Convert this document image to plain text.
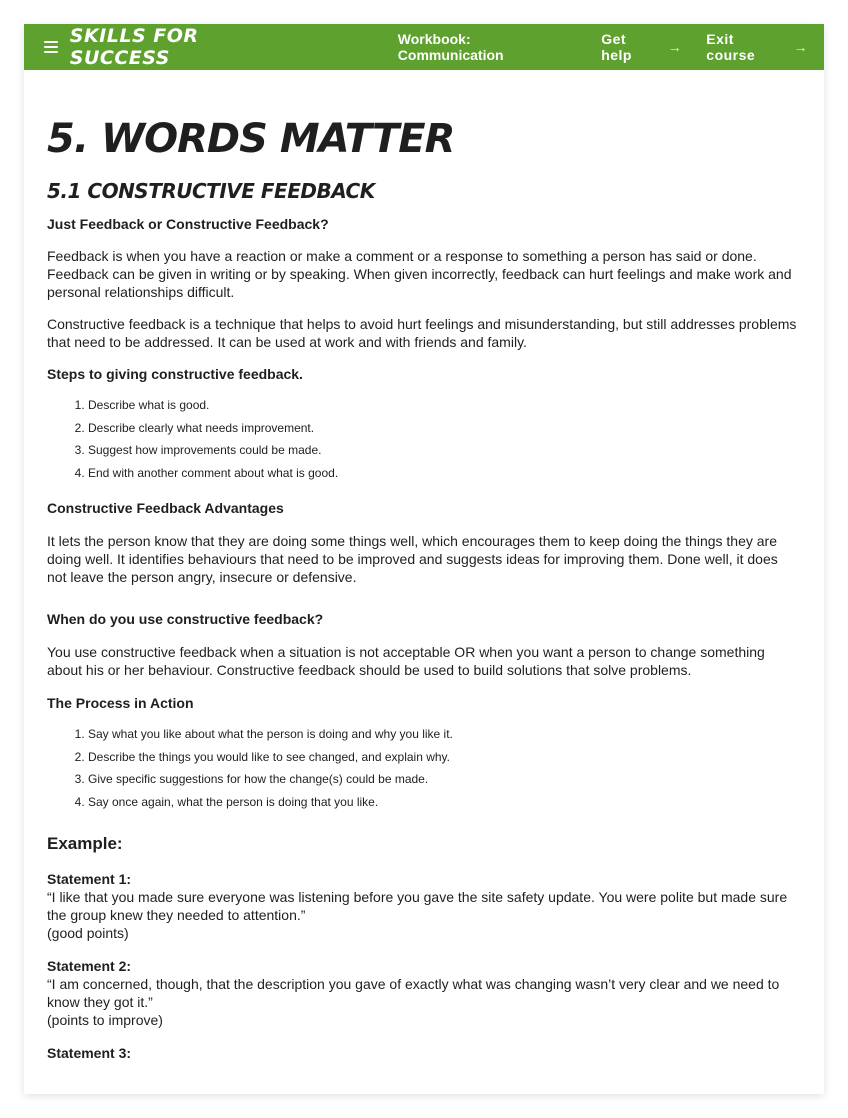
SKILLS FOR SUCCESS
Workbook: Communication
Get help	→ Exit course	→
5. WORDS MATTER
5.1 CONSTRUCTIVE FEEDBACK
Just Feedback or Constructive Feedback?

Feedback is when you have a reaction or make a comment or a response to something a person has said or done. Feedback can be given in writing or by speaking. When given incorrectly, feedback can hurt feelings and make work and personal relationships difficult.

Constructive feedback is a technique that helps to avoid hurt feelings and misunderstanding, but still addresses problems that need to be addressed. It can be used at work and with friends and family.

Steps to giving constructive feedback.
1. Describe what is good.
2. Describe clearly what needs improvement.
3. Suggest how improvements could be made.
4. End with another comment about what is good.
Constructive Feedback Advantages

It lets the person know that they are doing some things well, which encourages them to keep doing the things they are doing well. It identifies behaviours that need to be improved and suggests ideas for improving them. Done well, it does not leave the person angry, insecure or defensive.

When do you use constructive feedback?

You use constructive feedback when a situation is not acceptable OR when you want a person to change something about his or her behaviour. Constructive feedback should be used to build solutions that solve problems.

The Process in Action
1. Say what you like about what the person is doing and why you like it.
2. Describe the things you would like to see changed, and explain why.
3. Give specific suggestions for how the change(s) could be made.
4. Say once again, what the person is doing that you like.
Example:
Statement 1:
“I like that you made sure everyone was listening before you gave the site safety update. You were polite but made sure the group knew they needed to attention.”
(good points)
Statement 2:
“I am concerned, though, that the description you gave of exactly what was changing wasn’t very clear and we need to know they got it.”
(points to improve)
Statement 3:
